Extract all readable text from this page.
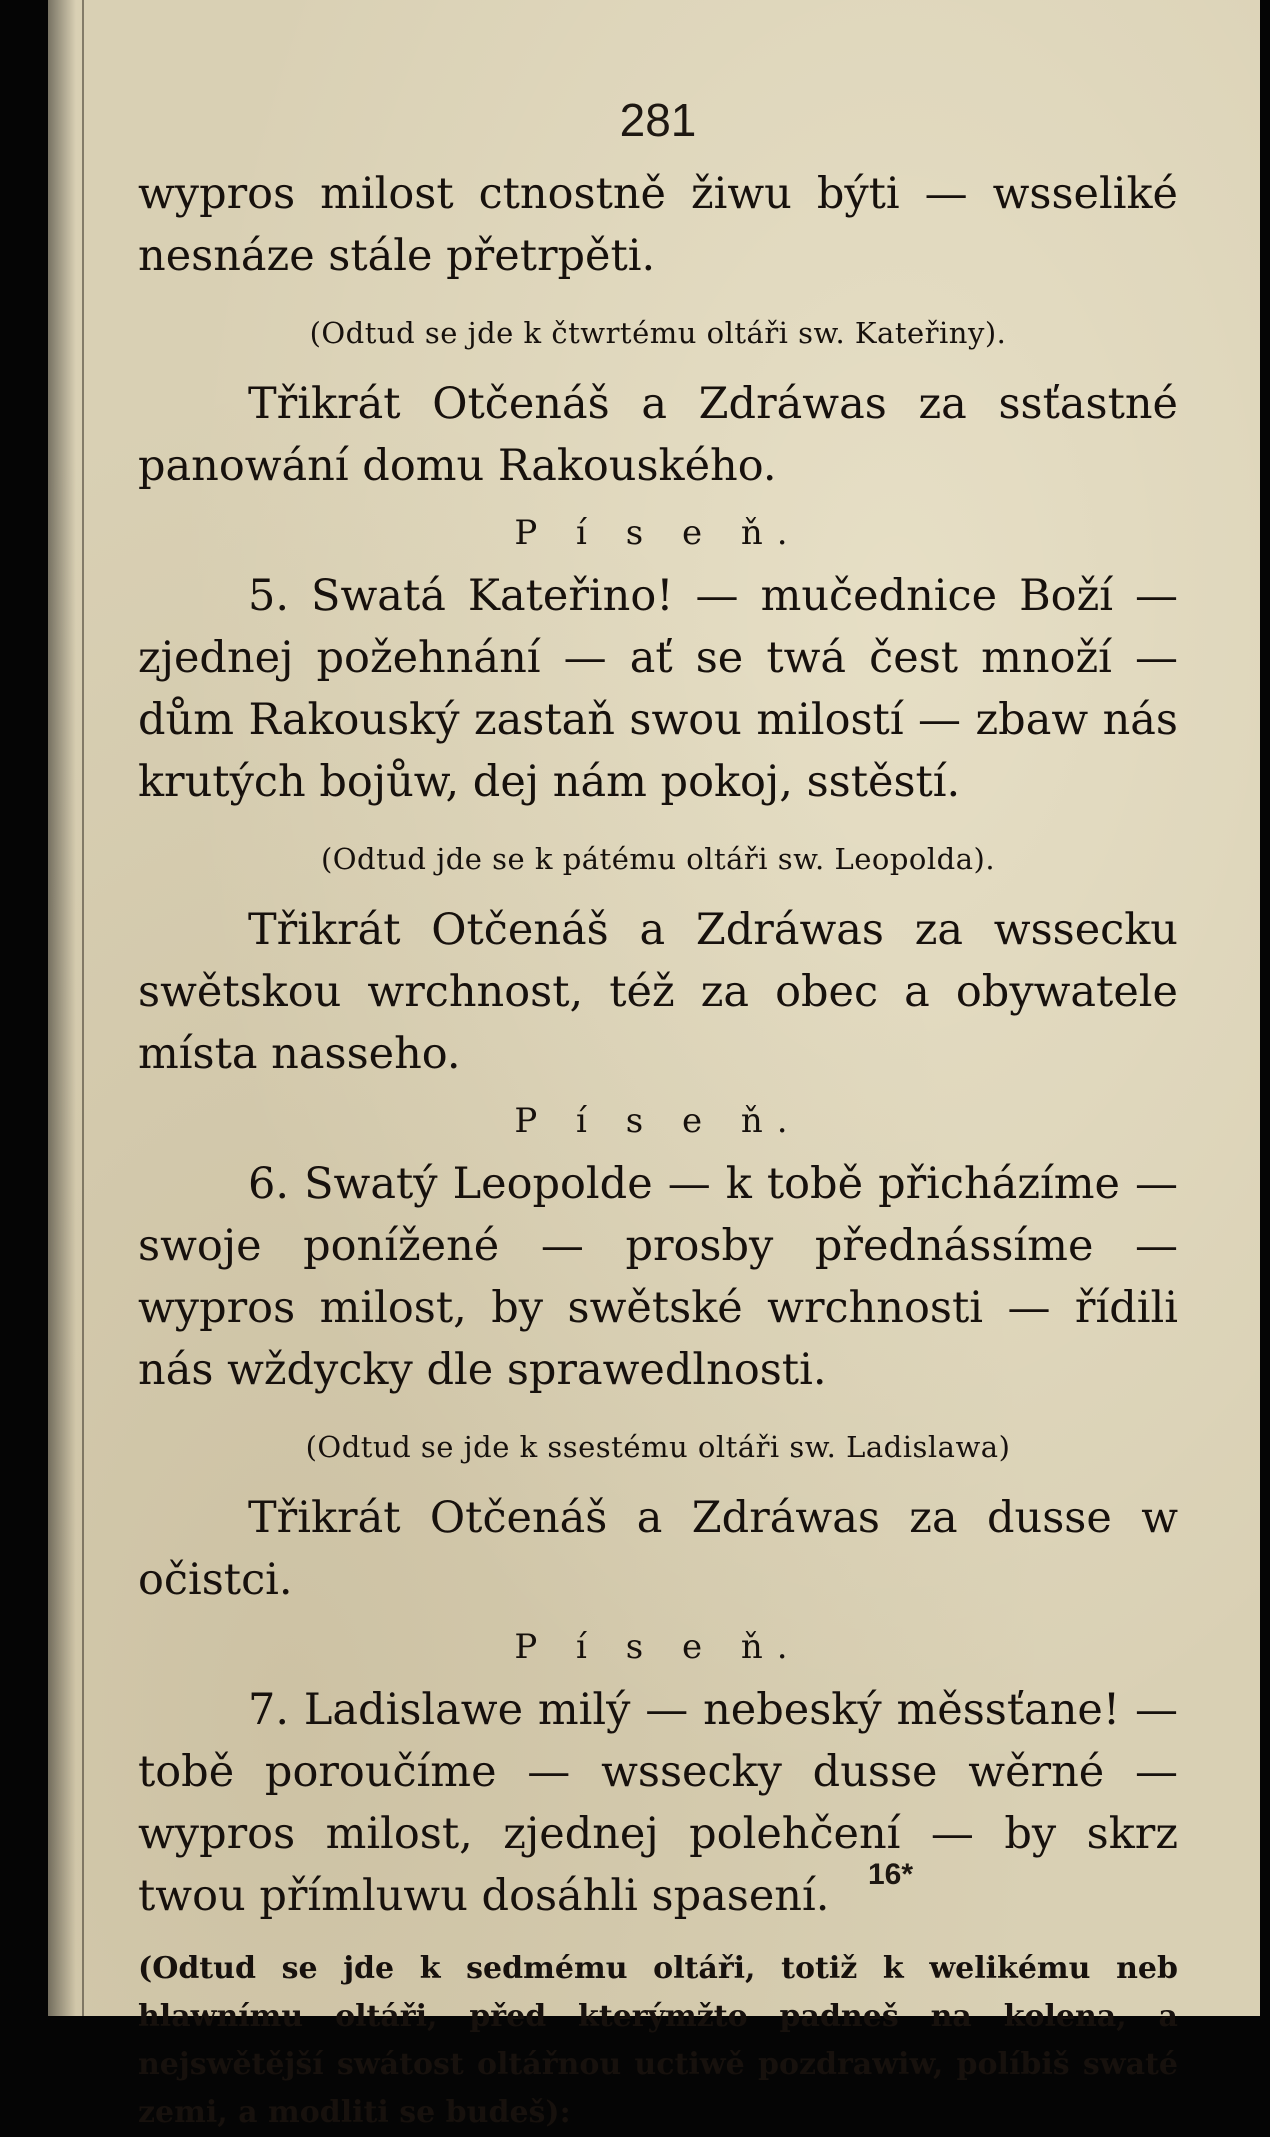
281

wypros milost ctnostně žiwu býti — wsseliké nesnáze stále přetrpěti.

(Odtud se jde k čtwrtému oltáři sw. Kateřiny).

Třikrát Otčenáš a Zdráwas za ssťastné panowání domu Rakouského.

P í s e ň.

5. Swatá Kateřino! — mučednice Boží — zjednej požehnání — ať se twá čest množí — dům Rakouský zastaň swou milostí — zbaw nás krutých bojůw, dej nám pokoj, sstěstí.

(Odtud jde se k pátému oltáři sw. Leopolda).

Třikrát Otčenáš a Zdráwas za wssecku swětskou wrchnost, též za obec a obywatele místa nasseho.

P í s e ň.

6. Swatý Leopolde — k tobě přicházíme — swoje ponížené — prosby přednássíme — wypros milost, by swětské wrchnosti — řídili nás wždycky dle sprawedlnosti.

(Odtud se jde k ssestému oltáři sw. Ladislawa)

Třikrát Otčenáš a Zdráwas za dusse w očistci.

P í s e ň.

7. Ladislawe milý — nebeský měssťane! — tobě poroučíme — wssecky dusse wěrné — wypros milost, zjednej polehčení — by skrz twou přímluwu dosáhli spasení.

(Odtud se jde k sedmému oltáři, totiž k welikému neb hlawnímu oltáři, před kterýmžto padneš na kolena, a nejswětější swátost oltářnou uctiwě pozdrawiw, políbiš swaté zemi, a modliti se budeš):

16*
